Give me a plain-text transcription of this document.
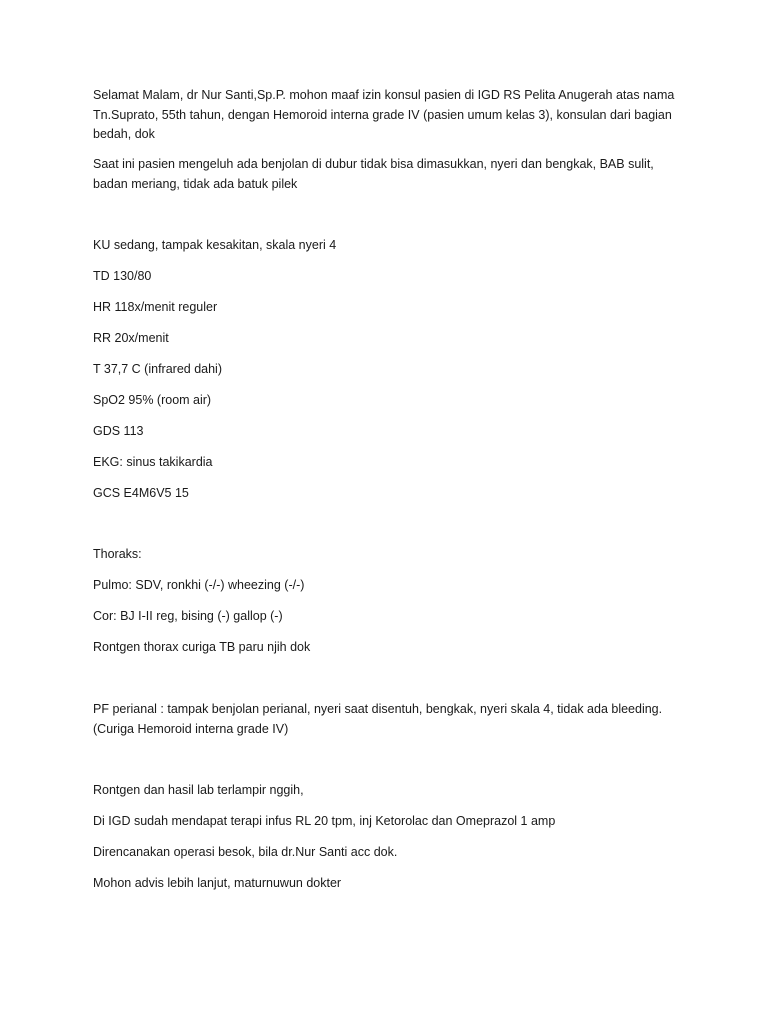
Selamat Malam, dr Nur Santi,Sp.P. mohon maaf izin konsul pasien di IGD RS Pelita Anugerah atas nama Tn.Suprato, 55th tahun, dengan Hemoroid interna grade IV (pasien umum kelas 3), konsulan dari bagian bedah, dok

Saat ini pasien mengeluh ada benjolan di dubur tidak bisa dimasukkan, nyeri dan bengkak, BAB sulit, badan meriang, tidak ada batuk pilek

KU sedang, tampak kesakitan, skala nyeri 4

TD 130/80

HR 118x/menit reguler

RR 20x/menit

T 37,7 C (infrared dahi)

SpO2 95% (room air)

GDS 113

EKG: sinus takikardia

GCS E4M6V5 15

Thoraks:

Pulmo: SDV, ronkhi (-/-) wheezing (-/-)

Cor: BJ I-II reg, bising (-) gallop (-)

Rontgen thorax curiga TB paru njih dok

PF perianal : tampak benjolan perianal, nyeri saat disentuh, bengkak, nyeri skala 4, tidak ada bleeding. (Curiga Hemoroid interna grade IV)

Rontgen dan hasil lab terlampir nggih,

Di IGD sudah mendapat terapi infus RL 20 tpm, inj Ketorolac dan Omeprazol 1 amp

Direncanakan operasi besok, bila dr.Nur Santi acc dok.

Mohon advis lebih lanjut, maturnuwun dokter
